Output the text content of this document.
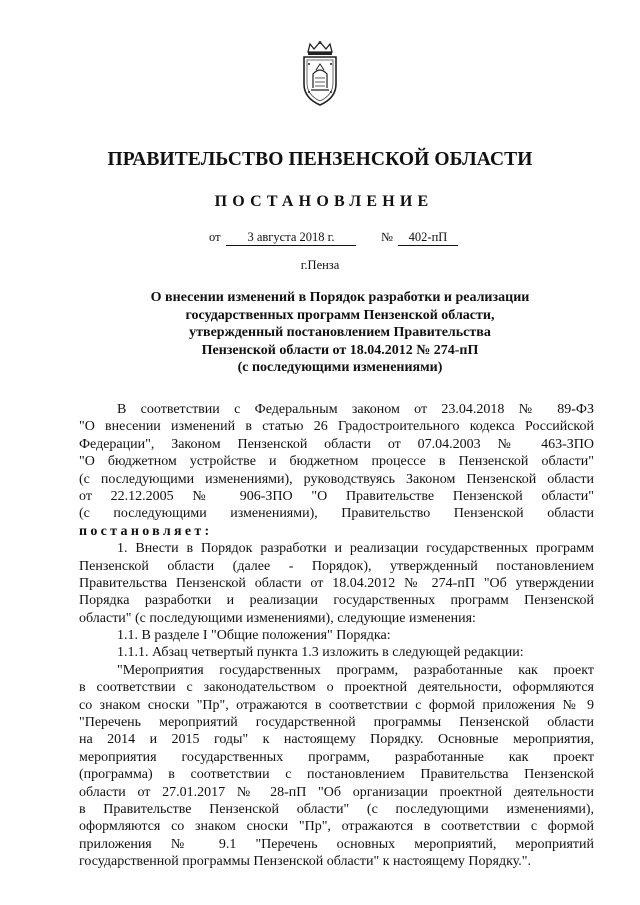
ПРАВИТЕЛЬСТВО ПЕНЗЕНСКОЙ ОБЛАСТИ
ПОСТАНОВЛЕНИЕ
от	3 августа 2018 г.	№	402-пП
г.Пенза
О внесении изменений в Порядок разработки и реализации
государственных программ Пензенской области,
утвержденный постановлением Правительства
Пензенской области от 18.04.2012 № 274-пП
(с последующими изменениями)
В соответствии с Федеральным законом от 23.04.2018 № 89-ФЗ
"О внесении изменений в статью 26 Градостроительного кодекса Российской
Федерации", Законом Пензенской области от 07.04.2003 № 463-ЗПО
"О бюджетном устройстве и бюджетном процессе в Пензенской области"
(с последующими изменениями), руководствуясь Законом Пензенской области
от 22.12.2005 № 906-ЗПО "О Правительстве Пензенской области"
(с последующими изменениями), Правительство Пензенской области
постановляет:
1. Внести в Порядок разработки и реализации государственных программ
Пензенской области (далее - Порядок), утвержденный постановлением
Правительства Пензенской области от 18.04.2012 № 274-пП "Об утверждении
Порядка разработки и реализации государственных программ Пензенской
области" (с последующими изменениями), следующие изменения:
1.1. В разделе I "Общие положения" Порядка:
1.1.1. Абзац четвертый пункта 1.3 изложить в следующей редакции:
"Мероприятия государственных программ, разработанные как проект
в соответствии с законодательством о проектной деятельности, оформляются
со знаком сноски "Пр", отражаются в соответствии с формой приложения № 9
"Перечень мероприятий государственной программы Пензенской области
на 2014 и 2015 годы" к настоящему Порядку. Основные мероприятия,
мероприятия государственных программ, разработанные как проект
(программа) в соответствии с постановлением Правительства Пензенской
области от 27.01.2017 № 28-пП "Об организации проектной деятельности
в Правительстве Пензенской области" (с последующими изменениями),
оформляются со знаком сноски "Пр", отражаются в соответствии с формой
приложения № 9.1 "Перечень основных мероприятий, мероприятий
государственной программы Пензенской области" к настоящему Порядку.".
